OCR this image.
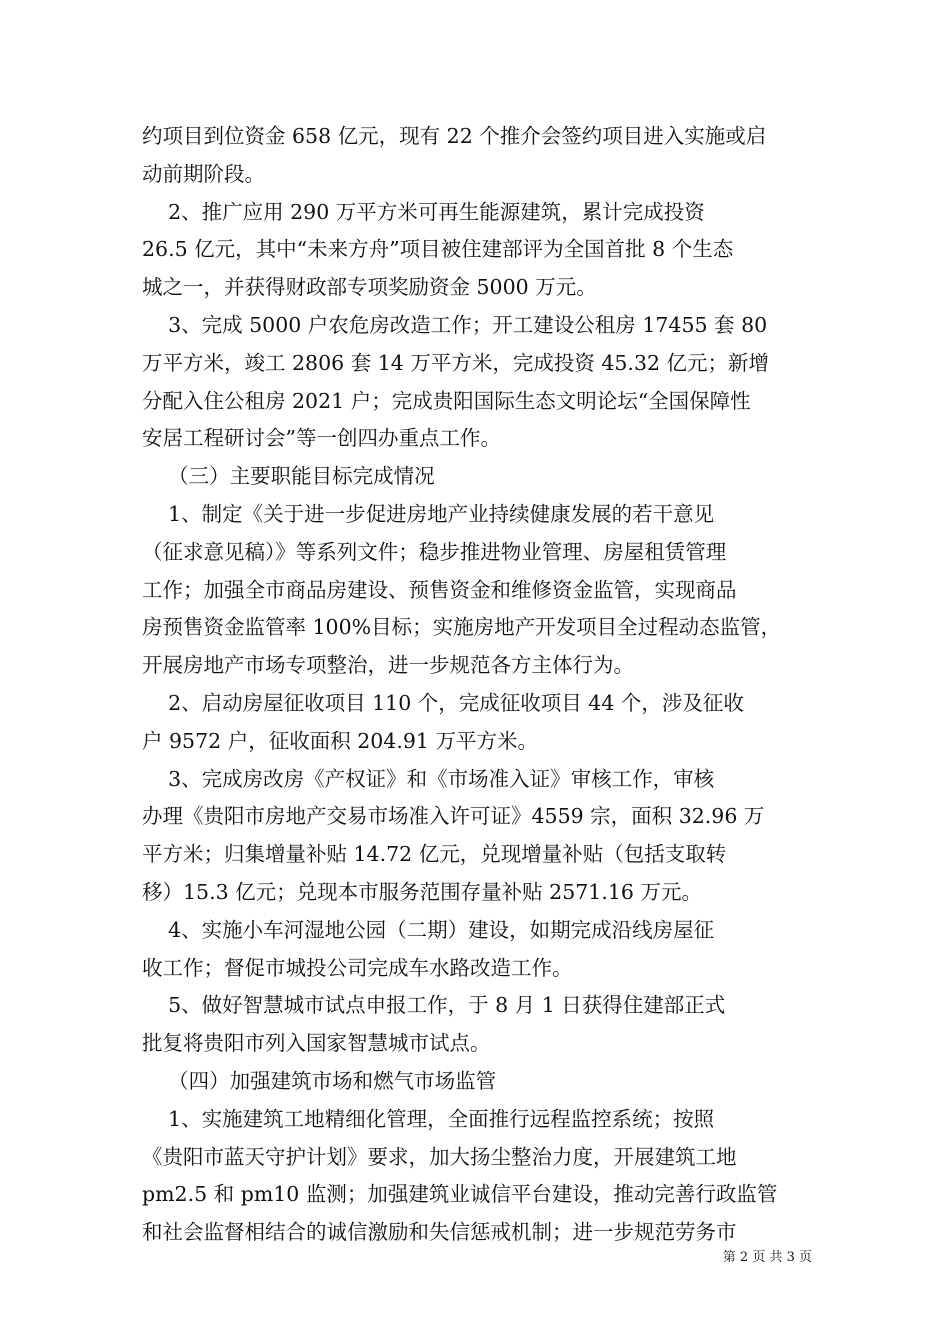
约项目到位资金 658 亿元，现有 22 个推介会签约项目进入实施或启

动前期阶段。

2、推广应用 290 万平方米可再生能源建筑，累计完成投资

26.5 亿元，其中“未来方舟”项目被住建部评为全国首批 8 个生态

城之一，并获得财政部专项奖励资金 5000 万元。

3、完成 5000 户农危房改造工作；开工建设公租房 17455 套 80

万平方米，竣工 2806 套 14 万平方米，完成投资 45.32 亿元；新增

分配入住公租房 2021 户；完成贵阳国际生态文明论坛“全国保障性

安居工程研讨会”等一创四办重点工作。

（三）主要职能目标完成情况

1、制定《关于进一步促进房地产业持续健康发展的若干意见

（征求意见稿）》等系列文件；稳步推进物业管理、房屋租赁管理

工作；加强全市商品房建设、预售资金和维修资金监管，实现商品

房预售资金监管率 100%目标；实施房地产开发项目全过程动态监管，

开展房地产市场专项整治，进一步规范各方主体行为。

2、启动房屋征收项目 110 个，完成征收项目 44 个，涉及征收

户 9572 户，征收面积 204.91 万平方米。

3、完成房改房《产权证》和《市场准入证》审核工作，审核

办理《贵阳市房地产交易市场准入许可证》4559 宗，面积 32.96 万

平方米；归集增量补贴 14.72 亿元，兑现增量补贴（包括支取转

移）15.3 亿元；兑现本市服务范围存量补贴 2571.16 万元。

4、实施小车河湿地公园（二期）建设，如期完成沿线房屋征

收工作；督促市城投公司完成车水路改造工作。

5、做好智慧城市试点申报工作，于 8 月 1 日获得住建部正式

批复将贵阳市列入国家智慧城市试点。

（四）加强建筑市场和燃气市场监管

1、实施建筑工地精细化管理，全面推行远程监控系统；按照

《贵阳市蓝天守护计划》要求，加大扬尘整治力度，开展建筑工地

pm2.5 和 pm10 监测；加强建筑业诚信平台建设，推动完善行政监管

和社会监督相结合的诚信激励和失信惩戒机制；进一步规范劳务市

第 2 页 共 3 页
